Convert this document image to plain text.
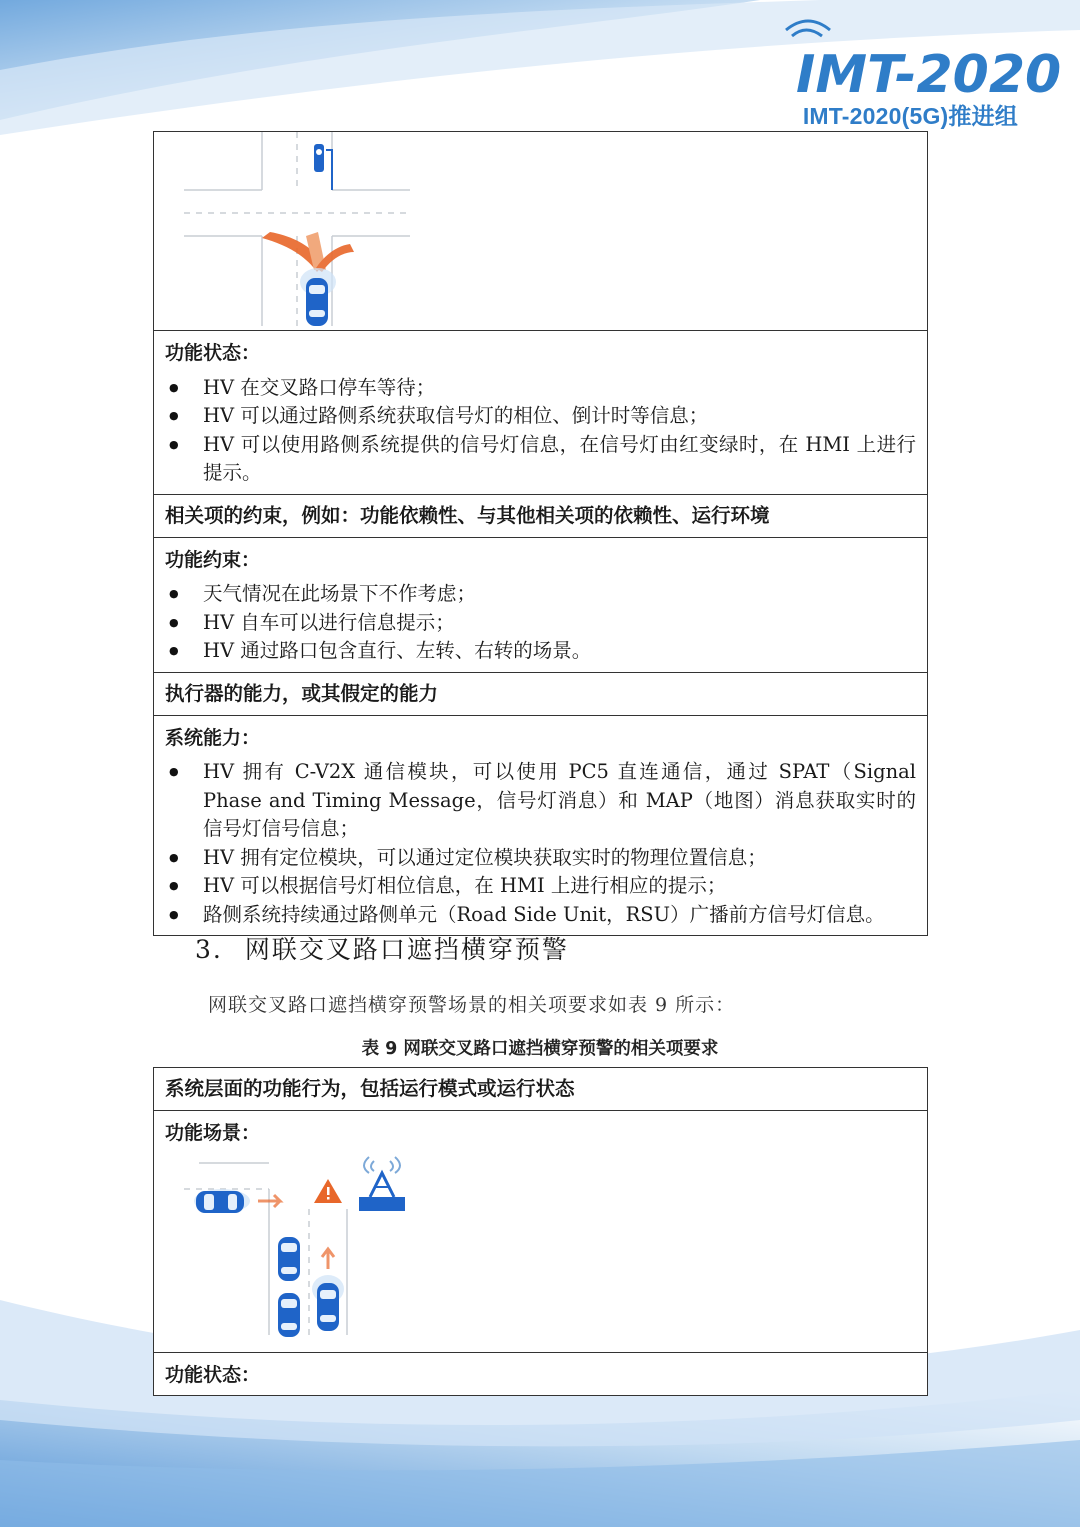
IMT-2020
IMT-2020(5G)推进组
功能状态：
● HV 在交叉路口停车等待；
● HV 可以通过路侧系统获取信号灯的相位、倒计时等信息；
● HV 可以使用路侧系统提供的信号灯信息，在信号灯由红变绿时，在 HMI 上进行提示。
相关项的约束，例如：功能依赖性、与其他相关项的依赖性、运行环境
功能约束：
● 天气情况在此场景下不作考虑；
● HV 自车可以进行信息提示；
● HV 通过路口包含直行、左转、右转的场景。
执行器的能力，或其假定的能力
系统能力：
● HV 拥有 C-V2X 通信模块，可以使用 PC5 直连通信，通过 SPAT（Signal Phase and Timing Message，信号灯消息）和 MAP（地图）消息获取实时的信号灯信号信息；
● HV 拥有定位模块，可以通过定位模块获取实时的物理位置信息；
● HV 可以根据信号灯相位信息，在 HMI 上进行相应的提示；
● 路侧系统持续通过路侧单元（Road Side Unit，RSU）广播前方信号灯信息。
3. 网联交叉路口遮挡横穿预警
网联交叉路口遮挡横穿预警场景的相关项要求如表 9 所示：
表 9 网联交叉路口遮挡横穿预警的相关项要求
系统层面的功能行为，包括运行模式或运行状态
功能场景：
功能状态：
